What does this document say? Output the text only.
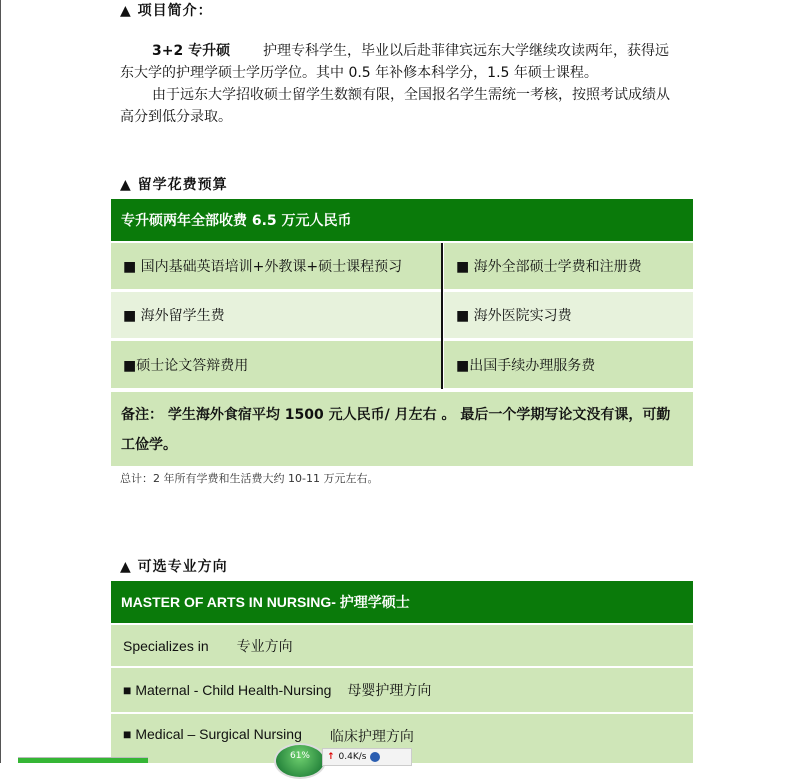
▲ 项目简介：
3+2 专升硕 护理专科学生，毕业以后赴菲律宾远东大学继续攻读两年，获得远东大学的护理学硕士学历学位。其中 0.5 年补修本科学分，1.5 年硕士课程。
由于远东大学招收硕士留学生数额有限，全国报名学生需统一考核，按照考试成绩从高分到低分录取。
▲ 留学花费预算
专升硕两年全部收费 6.5 万元人民币
■ 国内基础英语培训+外教课+硕士课程预习	■ 海外全部硕士学费和注册费
■ 海外留学生费	■ 海外医院实习费
■硕士论文答辩费用	■出国手续办理服务费
备注： 学生海外食宿平均 1500 元人民币/ 月左右 。 最后一个学期写论文没有课，可勤工俭学。
总计：2 年所有学费和生活费大约 10-11 万元左右。
▲ 可选专业方向
MASTER OF ARTS IN NURSING- 护理学硕士
Specializes in 专业方向
■ Maternal - Child Health-Nursing 母婴护理方向
■ Medical – Surgical Nursing 临床护理方向
61%	↑ 0.4K/s
